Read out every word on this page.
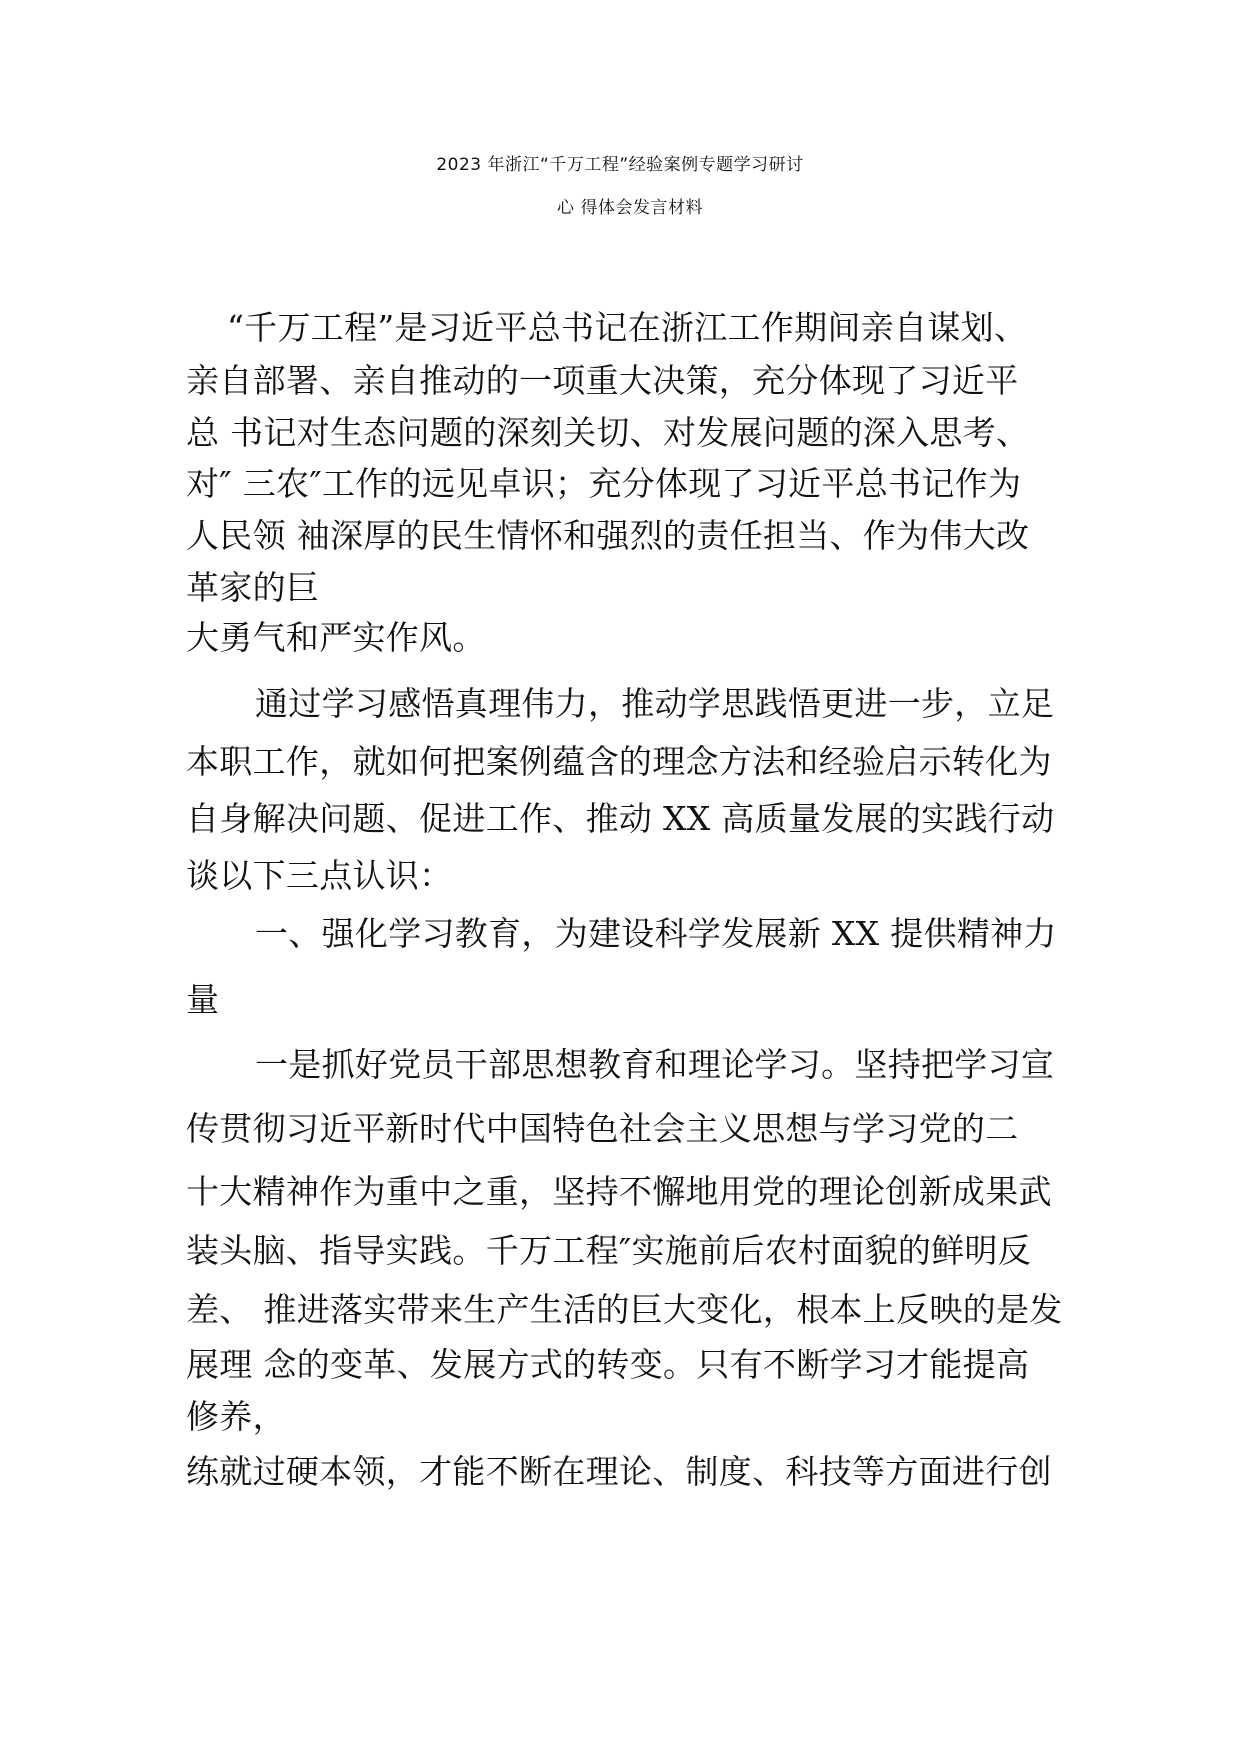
2023 年浙江“千万工程”经验案例专题学习研讨
心 得体会发言材料
“千万工程”是习近平总书记在浙江工作期间亲自谋划、
亲自部署、亲自推动的一项重大决策，充分体现了习近平
总 书记对生态问题的深刻关切、对发展问题的深入思考、
对″ 三农″工作的远见卓识；充分体现了习近平总书记作为
人民领 袖深厚的民生情怀和强烈的责任担当、作为伟大改
革家的巨
大勇气和严实作风。
通过学习感悟真理伟力，推动学思践悟更进一步，立足
本职工作，就如何把案例蕴含的理念方法和经验启示转化为
自身解决问题、促进工作、推动 XX 高质量发展的实践行动
谈以下三点认识：
一、强化学习教育，为建设科学发展新 XX 提供精神力
量
一是抓好党员干部思想教育和理论学习。坚持把学习宣
传贯彻习近平新时代中国特色社会主义思想与学习党的二
十大精神作为重中之重，坚持不懈地用党的理论创新成果武
装头脑、指导实践。千万工程″实施前后农村面貌的鲜明反
差、 推进落实带来生产生活的巨大变化，根本上反映的是发
展理 念的变革、发展方式的转变。只有不断学习才能提高
修养，
练就过硬本领，才能不断在理论、制度、科技等方面进行创
